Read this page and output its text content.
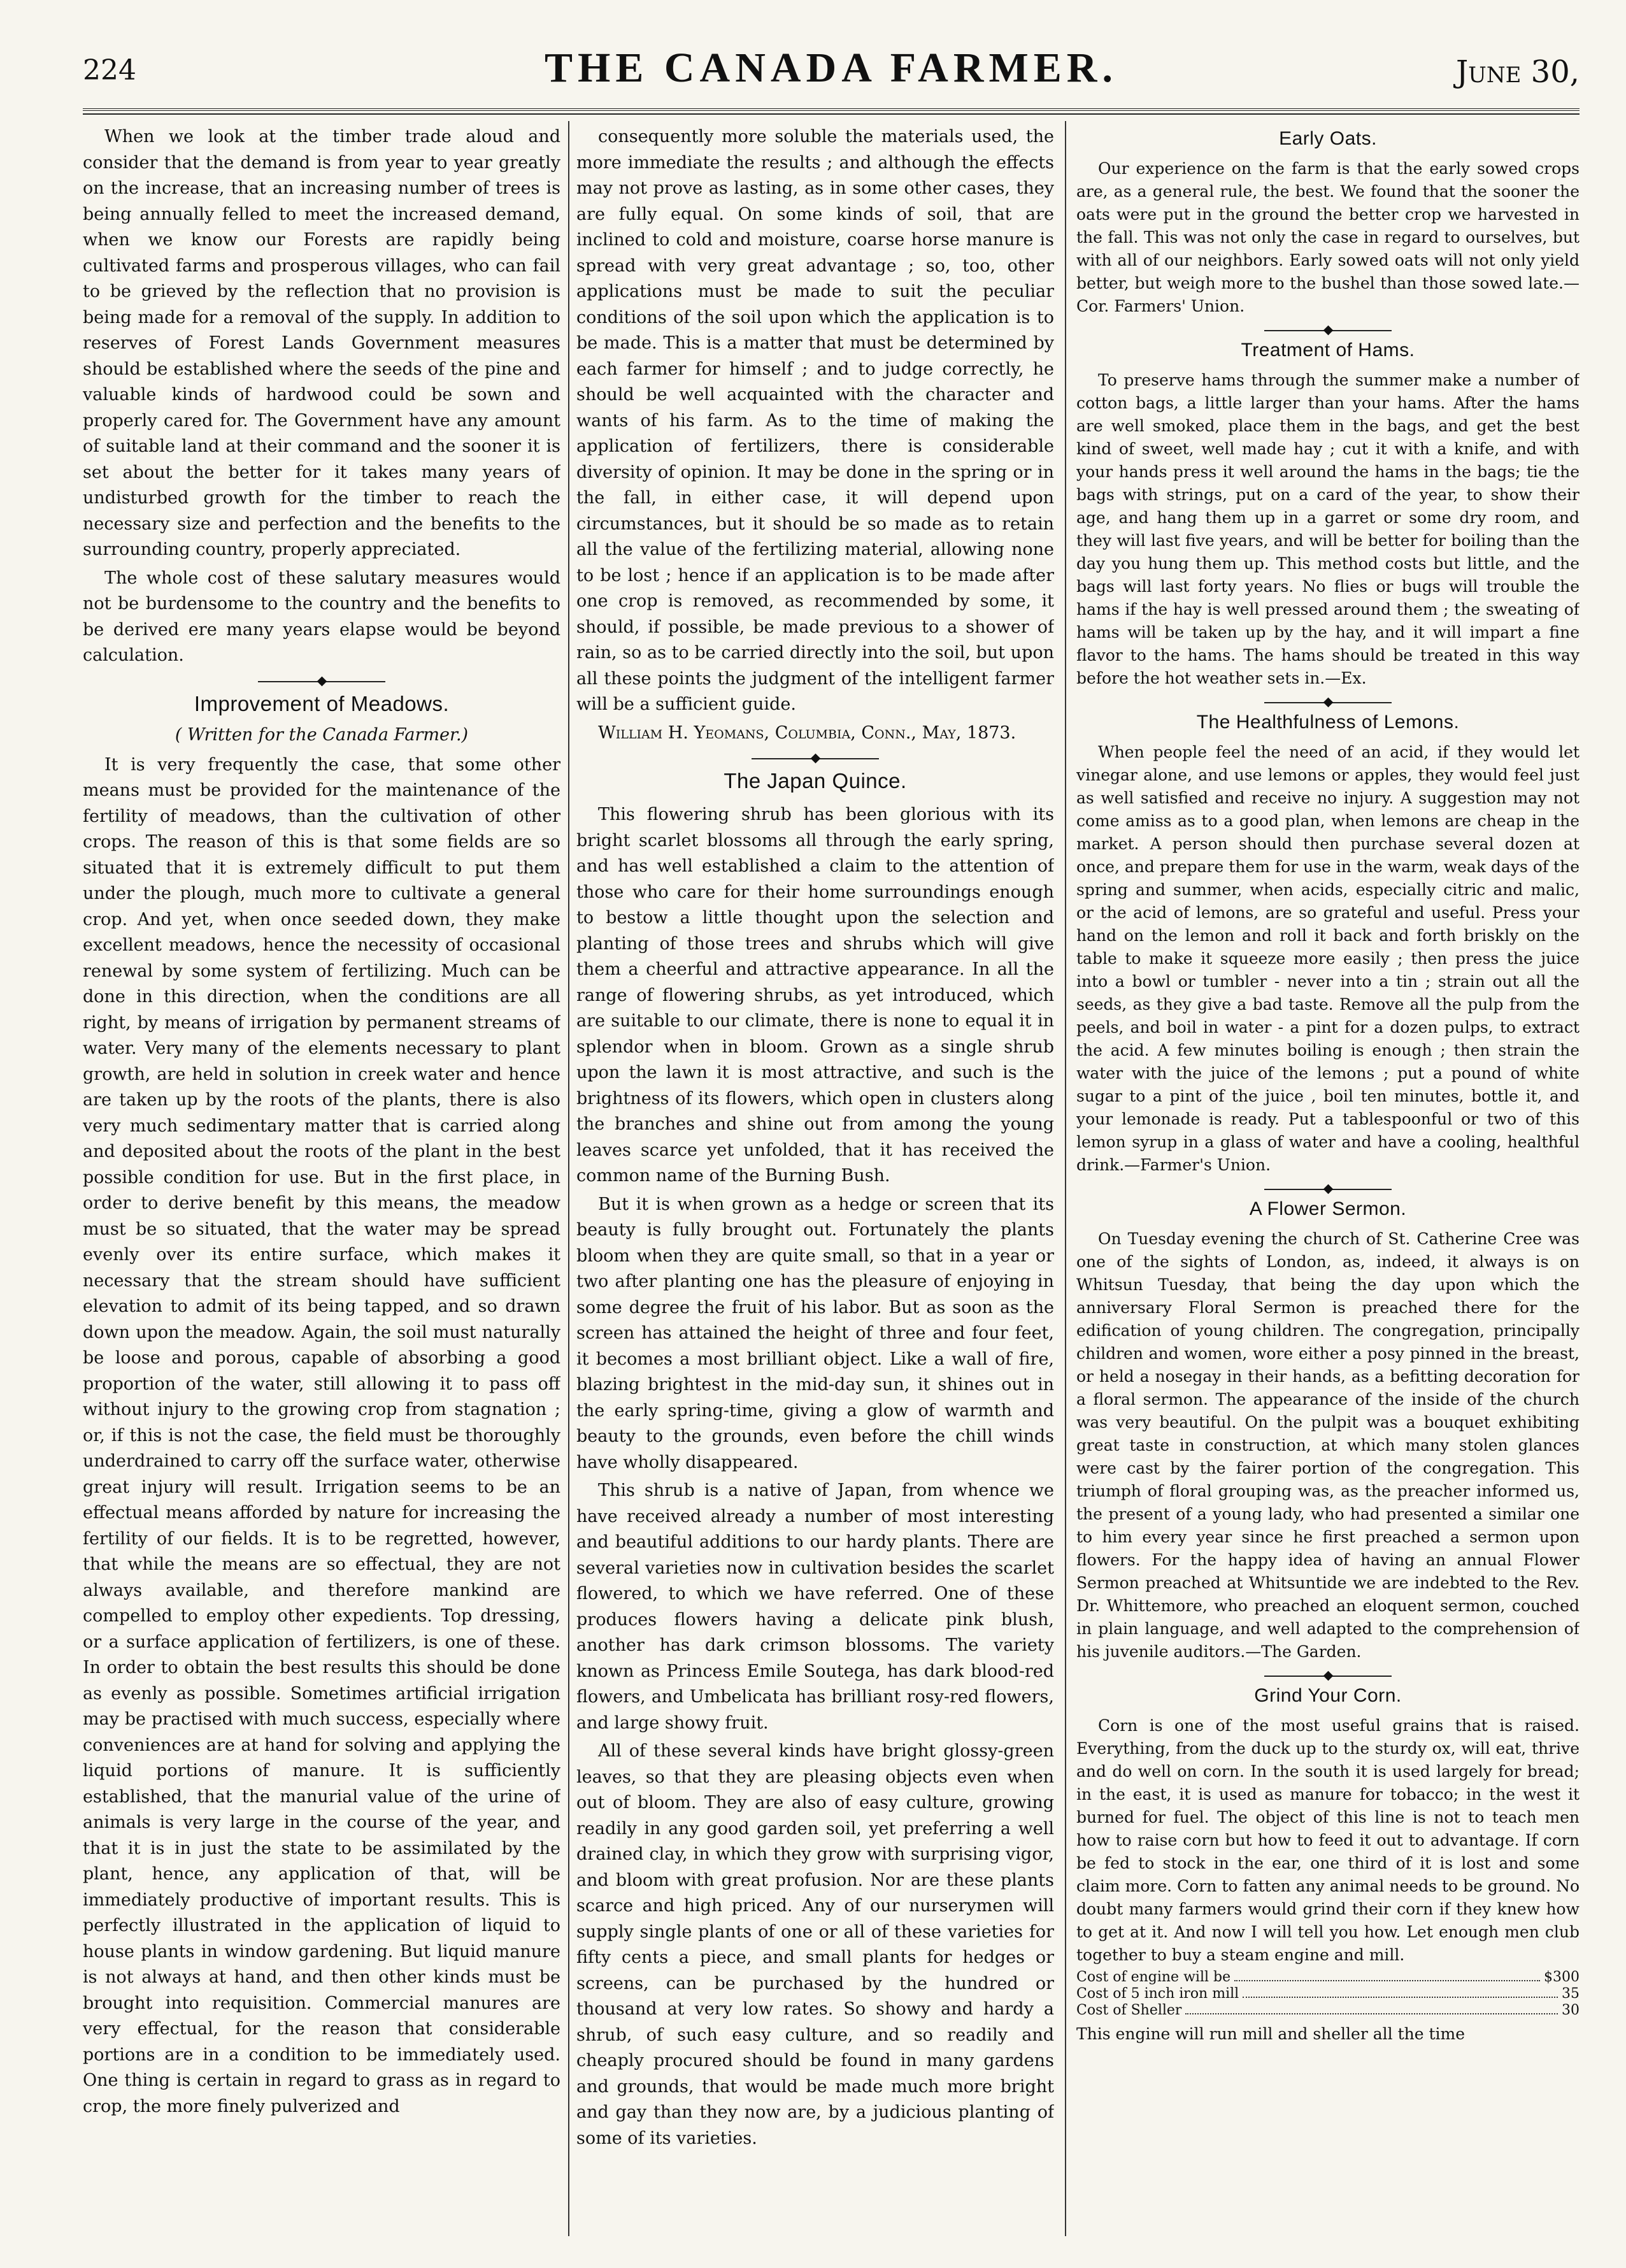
224	THE CANADA FARMER.	June 30,

When we look at the timber trade aloud and consider that the demand is from year to year greatly on the increase, that an increasing number of trees is being annually felled to meet the increased demand, when we know our Forests are rapidly being cultivated farms and prosperous villages, who can fail to be grieved by the reflection that no provision is being made for a removal of the supply. In addition to reserves of Forest Lands Government measures should be established where the seeds of the pine and valuable kinds of hardwood could be sown and properly cared for. The Government have any amount of suitable land at their command and the sooner it is set about the better for it takes many years of undisturbed growth for the timber to reach the necessary size and perfection and the benefits to the surrounding country, properly appreciated.

The whole cost of these salutary measures would not be burdensome to the country and the benefits to be derived ere many years elapse would be beyond calculation.

Improvement of Meadows.
( Written for the Canada Farmer.)

It is very frequently the case, that some other means must be provided for the maintenance of the fertility of meadows, than the cultivation of other crops. The reason of this is that some fields are so situated that it is extremely difficult to put them under the plough, much more to cultivate a general crop. And yet, when once seeded down, they make excellent meadows, hence the necessity of occasional renewal by some system of fertilizing. Much can be done in this direction, when the conditions are all right, by means of irrigation by permanent streams of water. Very many of the elements necessary to plant growth, are held in solution in creek water and hence are taken up by the roots of the plants, there is also very much sedimentary matter that is carried along and deposited about the roots of the plant in the best possible condition for use. But in the first place, in order to derive benefit by this means, the meadow must be so situated, that the water may be spread evenly over its entire surface, which makes it necessary that the stream should have sufficient elevation to admit of its being tapped, and so drawn down upon the meadow. Again, the soil must naturally be loose and porous, capable of absorbing a good proportion of the water, still allowing it to pass off without injury to the growing crop from stagnation ; or, if this is not the case, the field must be thoroughly underdrained to carry off the surface water, otherwise great injury will result. Irrigation seems to be an effectual means afforded by nature for increasing the fertility of our fields. It is to be regretted, however, that while the means are so effectual, they are not always available, and therefore mankind are compelled to employ other expedients. Top dressing, or a surface application of fertilizers, is one of these. In order to obtain the best results this should be done as evenly as possible. Sometimes artificial irrigation may be practised with much success, especially where conveniences are at hand for solving and applying the liquid portions of manure. It is sufficiently established, that the manurial value of the urine of animals is very large in the course of the year, and that it is in just the state to be assimilated by the plant, hence, any application of that, will be immediately productive of important results. This is perfectly illustrated in the application of liquid to house plants in window gardening. But liquid manure is not always at hand, and then other kinds must be brought into requisition. Commercial manures are very effectual, for the reason that considerable portions are in a condition to be immediately used. One thing is certain in regard to grass as in regard to crop, the more finely pulverized and

consequently more soluble the materials used, the more immediate the results ; and although the effects may not prove as lasting, as in some other cases, they are fully equal. On some kinds of soil, that are inclined to cold and moisture, coarse horse manure is spread with very great advantage ; so, too, other applications must be made to suit the peculiar conditions of the soil upon which the application is to be made. This is a matter that must be determined by each farmer for himself ; and to judge correctly, he should be well acquainted with the character and wants of his farm. As to the time of making the application of fertilizers, there is considerable diversity of opinion. It may be done in the spring or in the fall, in either case, it will depend upon circumstances, but it should be so made as to retain all the value of the fertilizing material, allowing none to be lost ; hence if an application is to be made after one crop is removed, as recommended by some, it should, if possible, be made previous to a shower of rain, so as to be carried directly into the soil, but upon all these points the judgment of the intelligent farmer will be a sufficient guide.

William H. Yeomans, Columbia, Conn., May, 1873.

The Japan Quince.

This flowering shrub has been glorious with its bright scarlet blossoms all through the early spring, and has well established a claim to the attention of those who care for their home surroundings enough to bestow a little thought upon the selection and planting of those trees and shrubs which will give them a cheerful and attractive appearance. In all the range of flowering shrubs, as yet introduced, which are suitable to our climate, there is none to equal it in splendor when in bloom. Grown as a single shrub upon the lawn it is most attractive, and such is the brightness of its flowers, which open in clusters along the branches and shine out from among the young leaves scarce yet unfolded, that it has received the common name of the Burning Bush.

But it is when grown as a hedge or screen that its beauty is fully brought out. Fortunately the plants bloom when they are quite small, so that in a year or two after planting one has the pleasure of enjoying in some degree the fruit of his labor. But as soon as the screen has attained the height of three and four feet, it becomes a most brilliant object. Like a wall of fire, blazing brightest in the mid-day sun, it shines out in the early spring-time, giving a glow of warmth and beauty to the grounds, even before the chill winds have wholly disappeared.

This shrub is a native of Japan, from whence we have received already a number of most interesting and beautiful additions to our hardy plants. There are several varieties now in cultivation besides the scarlet flowered, to which we have referred. One of these produces flowers having a delicate pink blush, another has dark crimson blossoms. The variety known as Princess Emile Soutega, has dark blood-red flowers, and Umbelicata has brilliant rosy-red flowers, and large showy fruit.

All of these several kinds have bright glossy-green leaves, so that they are pleasing objects even when out of bloom. They are also of easy culture, growing readily in any good garden soil, yet preferring a well drained clay, in which they grow with surprising vigor, and bloom with great profusion. Nor are these plants scarce and high priced. Any of our nurserymen will supply single plants of one or all of these varieties for fifty cents a piece, and small plants for hedges or screens, can be purchased by the hundred or thousand at very low rates. So showy and hardy a shrub, of such easy culture, and so readily and cheaply procured should be found in many gardens and grounds, that would be made much more bright and gay than they now are, by a judicious planting of some of its varieties.

Early Oats.

Our experience on the farm is that the early sowed crops are, as a general rule, the best. We found that the sooner the oats were put in the ground the better crop we harvested in the fall. This was not only the case in regard to ourselves, but with all of our neighbors. Early sowed oats will not only yield better, but weigh more to the bushel than those sowed late.—Cor. Farmers' Union.

Treatment of Hams.

To preserve hams through the summer make a number of cotton bags, a little larger than your hams. After the hams are well smoked, place them in the bags, and get the best kind of sweet, well made hay ; cut it with a knife, and with your hands press it well around the hams in the bags; tie the bags with strings, put on a card of the year, to show their age, and hang them up in a garret or some dry room, and they will last five years, and will be better for boiling than the day you hung them up. This method costs but little, and the bags will last forty years. No flies or bugs will trouble the hams if the hay is well pressed around them ; the sweating of hams will be taken up by the hay, and it will impart a fine flavor to the hams. The hams should be treated in this way before the hot weather sets in.—Ex.

The Healthfulness of Lemons.

When people feel the need of an acid, if they would let vinegar alone, and use lemons or apples, they would feel just as well satisfied and receive no injury. A suggestion may not come amiss as to a good plan, when lemons are cheap in the market. A person should then purchase several dozen at once, and prepare them for use in the warm, weak days of the spring and summer, when acids, especially citric and malic, or the acid of lemons, are so grateful and useful. Press your hand on the lemon and roll it back and forth briskly on the table to make it squeeze more easily ; then press the juice into a bowl or tumbler - never into a tin ; strain out all the seeds, as they give a bad taste. Remove all the pulp from the peels, and boil in water - a pint for a dozen pulps, to extract the acid. A few minutes boiling is enough ; then strain the water with the juice of the lemons ; put a pound of white sugar to a pint of the juice , boil ten minutes, bottle it, and your lemonade is ready. Put a tablespoonful or two of this lemon syrup in a glass of water and have a cooling, healthful drink.—Farmer's Union.

A Flower Sermon.

On Tuesday evening the church of St. Catherine Cree was one of the sights of London, as, indeed, it always is on Whitsun Tuesday, that being the day upon which the anniversary Floral Sermon is preached there for the edification of young children. The congregation, principally children and women, wore either a posy pinned in the breast, or held a nosegay in their hands, as a befitting decoration for a floral sermon. The appearance of the inside of the church was very beautiful. On the pulpit was a bouquet exhibiting great taste in construction, at which many stolen glances were cast by the fairer portion of the congregation. This triumph of floral grouping was, as the preacher informed us, the present of a young lady, who had presented a similar one to him every year since he first preached a sermon upon flowers. For the happy idea of having an annual Flower Sermon preached at Whitsuntide we are indebted to the Rev. Dr. Whittemore, who preached an eloquent sermon, couched in plain language, and well adapted to the comprehension of his juvenile auditors.—The Garden.

Grind Your Corn.

Corn is one of the most useful grains that is raised. Everything, from the duck up to the sturdy ox, will eat, thrive and do well on corn. In the south it is used largely for bread; in the east, it is used as manure for tobacco; in the west it burned for fuel. The object of this line is not to teach men how to raise corn but how to feed it out to advantage. If corn be fed to stock in the ear, one third of it is lost and some claim more. Corn to fatten any animal needs to be ground. No doubt many farmers would grind their corn if they knew how to get at it. And now I will tell you how. Let enough men club together to buy a steam engine and mill.

Cost of engine will be	$300
Cost of 5 inch iron mill	35
Cost of Sheller	30
This engine will run mill and sheller all the time
